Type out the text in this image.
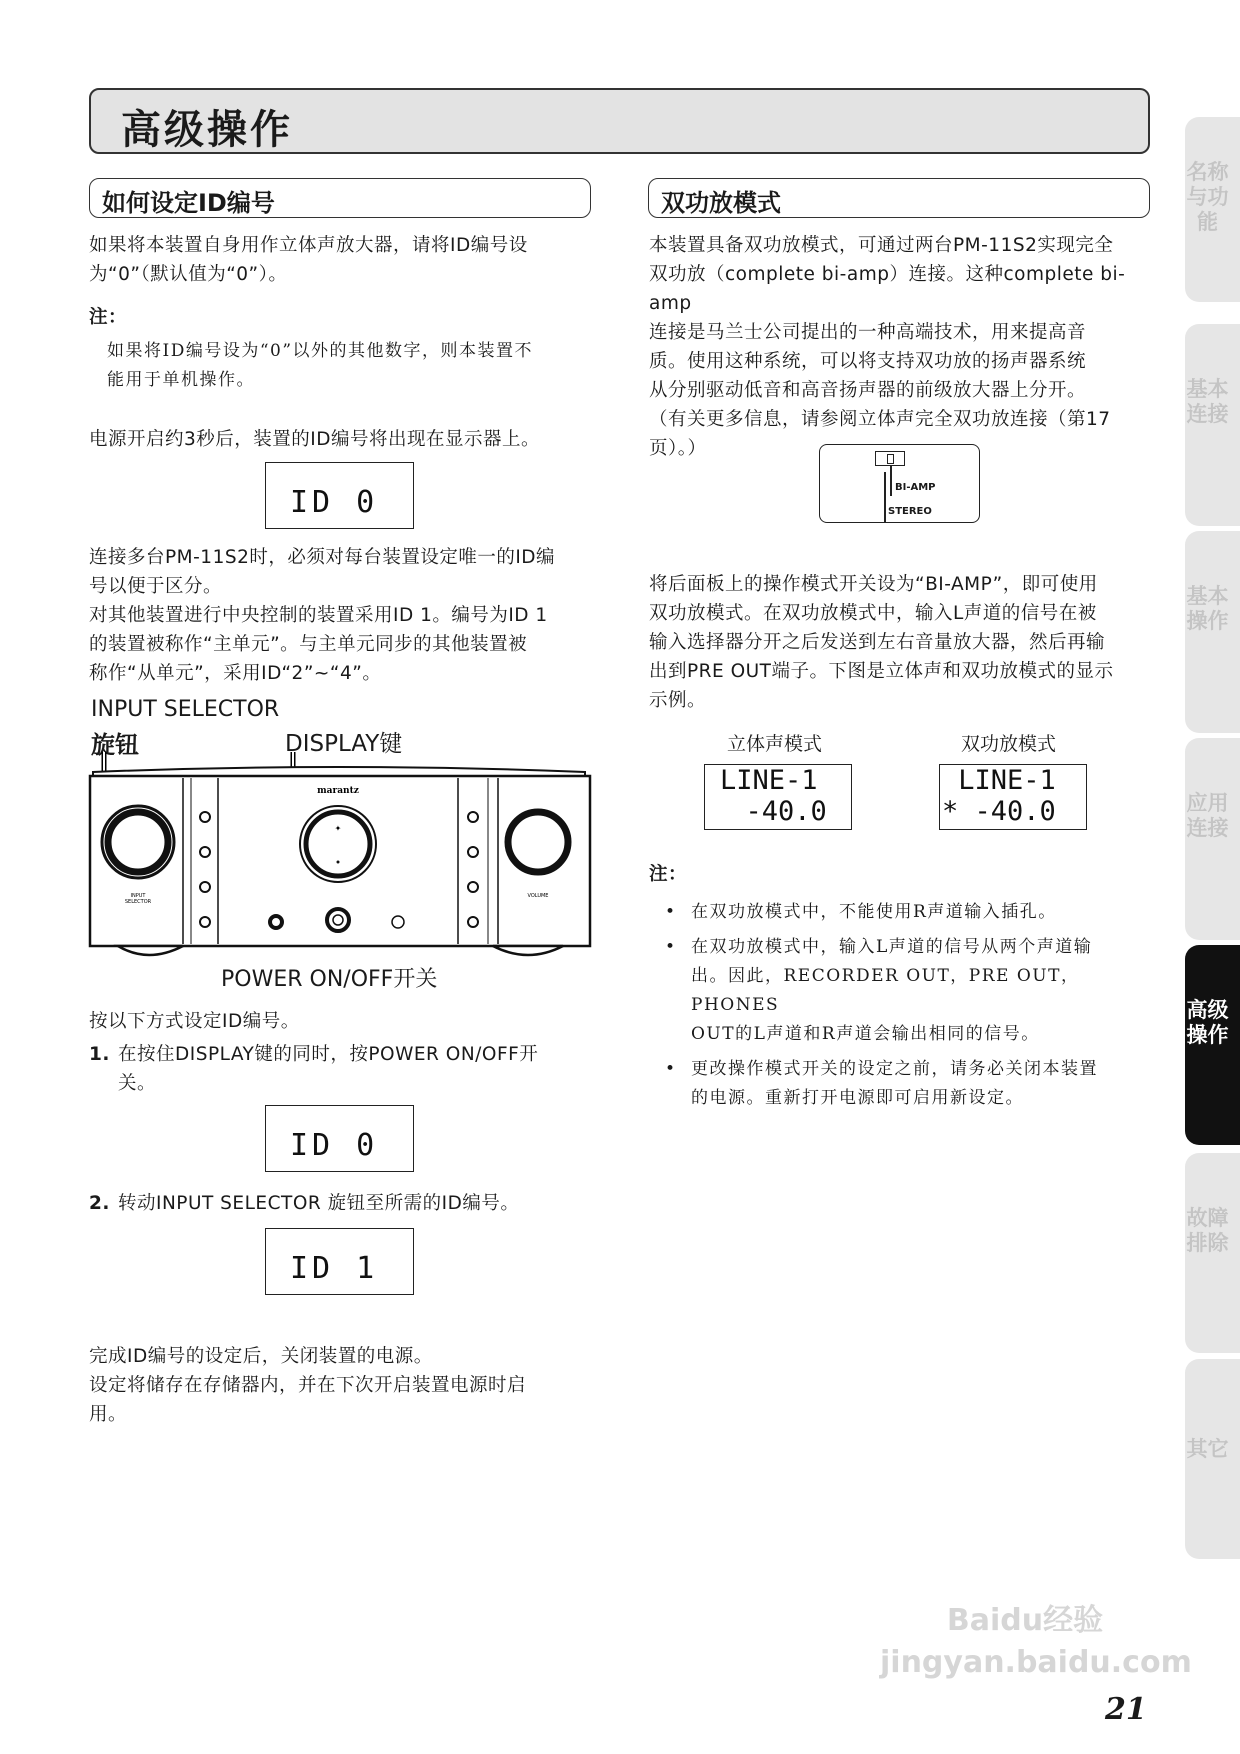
高级操作
如何设定ID编号
如果将本装置自身用作立体声放大器，请将ID编号设
为“0”（默认值为“0”）。
注：
如果将ID编号设为“0”以外的其他数字，则本装置不
能用于单机操作。
电源开启约3秒后，装置的ID编号将出现在显示器上。
ID 0
连接多台PM-11S2时，必须对每台装置设定唯一的ID编
号以便于区分。
对其他装置进行中央控制的装置采用ID 1。编号为ID 1
的装置被称作“主单元”。与主单元同步的其他装置被
称作“从单元”，采用ID“2”~“4”。
INPUT SELECTOR
旋钮	DISPLAY键
INPUT
SELECTOR
VOLUME
marantz
✦
POWER ON/OFF开关
按以下方式设定ID编号。
1. 在按住DISPLAY键的同时，按POWER ON/OFF开
关。
ID 0
2. 转动INPUT SELECTOR 旋钮至所需的ID编号。
ID 1
完成ID编号的设定后，关闭装置的电源。
设定将储存在存储器内，并在下次开启装置电源时启
用。
双功放模式
本装置具备双功放模式，可通过两台PM-11S2实现完全
双功放（complete bi-amp）连接。这种complete bi-amp
连接是马兰士公司提出的一种高端技术，用来提高音
质。使用这种系统，可以将支持双功放的扬声器系统
从分别驱动低音和高音扬声器的前级放大器上分开。
（有关更多信息，请参阅立体声完全双功放连接（第17
页）。）
BI-AMP
STEREO
将后面板上的操作模式开关设为“BI-AMP”，即可使用
双功放模式。在双功放模式中，输入L声道的信号在被
输入选择器分开之后发送到左右音量放大器，然后再输
出到PRE OUT端子。下图是立体声和双功放模式的显示
示例。
立体声模式	双功放模式
LINE-1
-40.0
LINE-1
* -40.0
注：
• 在双功放模式中，不能使用R声道输入插孔。
• 在双功放模式中，输入L声道的信号从两个声道输
出。因此，RECORDER OUT，PRE OUT，PHONES
OUT的L声道和R声道会输出相同的信号。
• 更改操作模式开关的设定之前，请务必关闭本装置
的电源。重新打开电源即可启用新设定。
名称与功能
基本连接
基本操作
应用连接
高级操作
故障排除
其它
Baidu经验 jingyan.baidu.com
21
